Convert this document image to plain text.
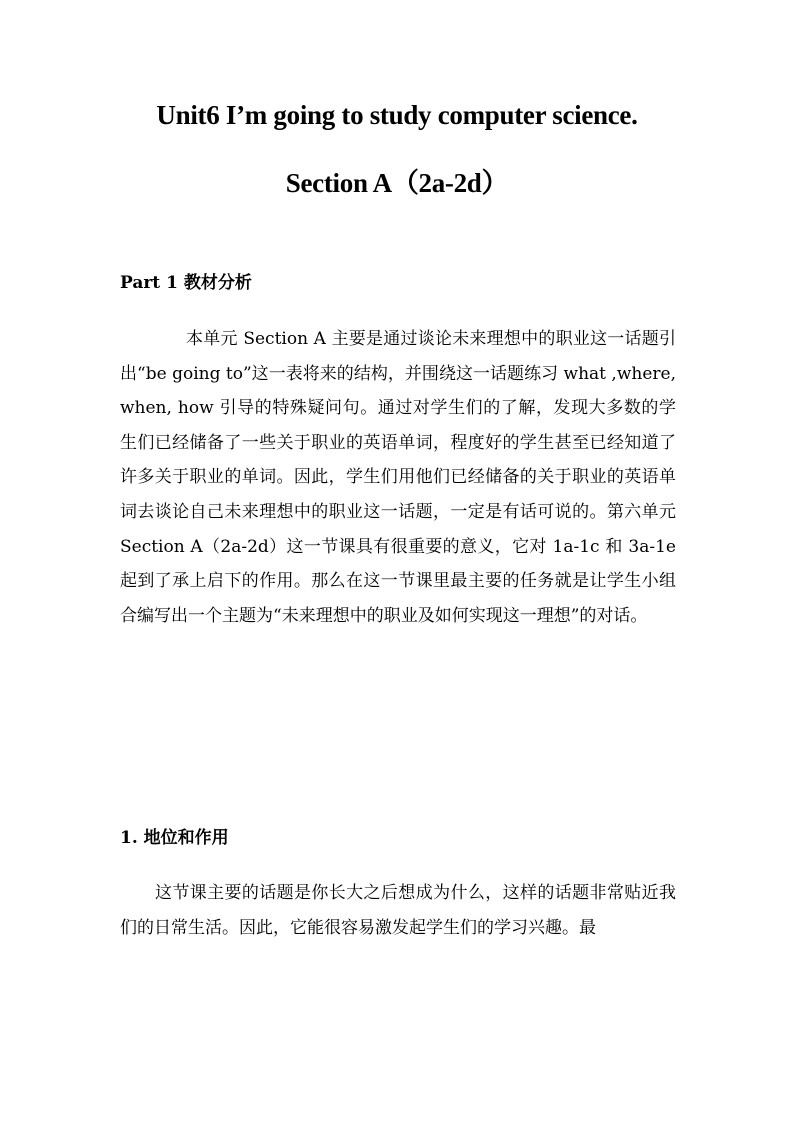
Unit6 I’m going to study computer science.
Section A（2a-2d）
Part 1 教材分析

本单元 Section A 主要是通过谈论未来理想中的职业这一话题引出“be going to”这一表将来的结构，并围绕这一话题练习 what ,where, when, how 引导的特殊疑问句。通过对学生们的了解，发现大多数的学生们已经储备了一些关于职业的英语单词，程度好的学生甚至已经知道了许多关于职业的单词。因此，学生们用他们已经储备的关于职业的英语单词去谈论自己未来理想中的职业这一话题，一定是有话可说的。第六单元 Section A（2a-2d）这一节课具有很重要的意义，它对 1a-1c 和 3a-1e 起到了承上启下的作用。那么在这一节课里最主要的任务就是让学生小组合编写出一个主题为“未来理想中的职业及如何实现这一理想”的对话。

1. 地位和作用

这节课主要的话题是你长大之后想成为什么，这样的话题非常贴近我们的日常生活。因此，它能很容易激发起学生们的学习兴趣。最
